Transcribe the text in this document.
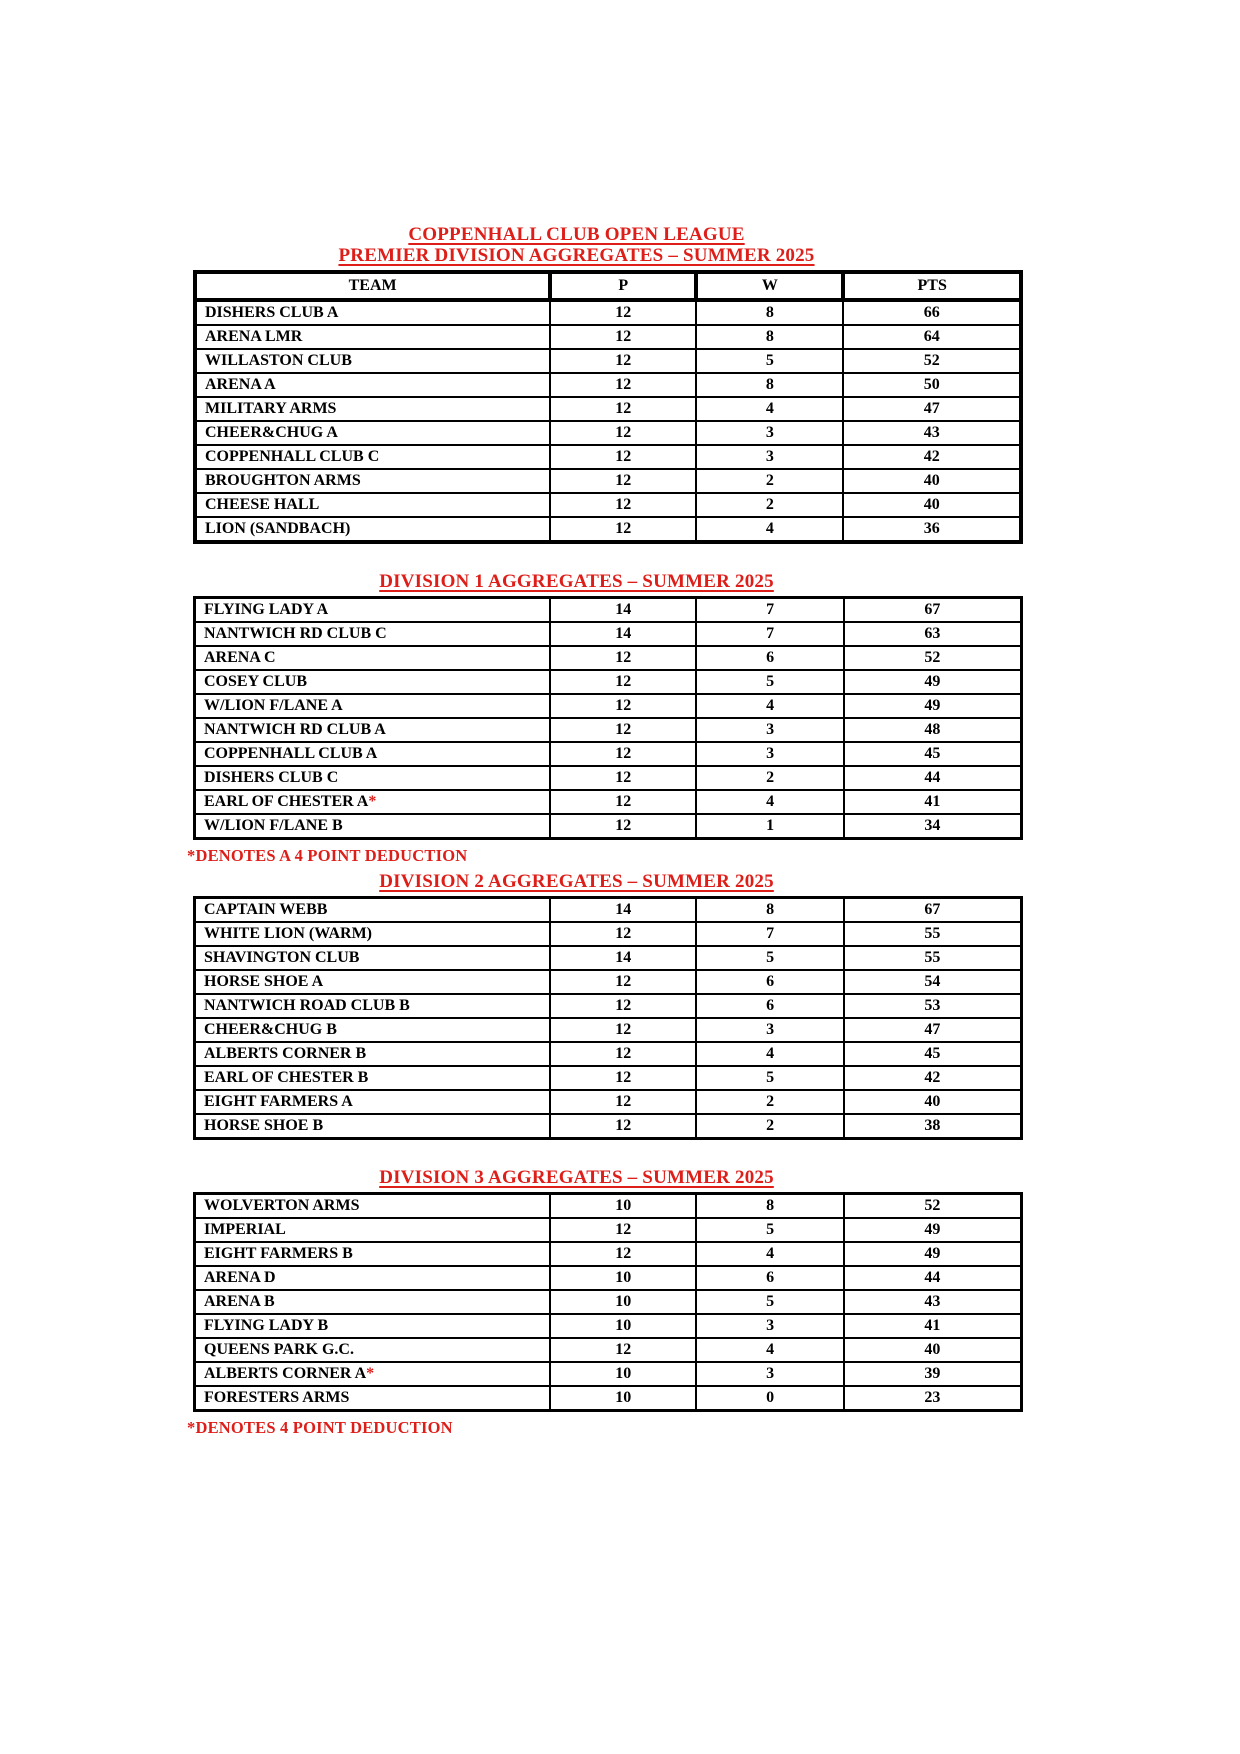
COPPENHALL CLUB OPEN LEAGUE
PREMIER DIVISION AGGREGATES – SUMMER 2025
TEAM	P	W	PTS
DISHERS CLUB A	12	8	66
ARENA LMR	12	8	64
WILLASTON CLUB	12	5	52
ARENA A	12	8	50
MILITARY ARMS	12	4	47
CHEER&CHUG A	12	3	43
COPPENHALL CLUB C	12	3	42
BROUGHTON ARMS	12	2	40
CHEESE HALL	12	2	40
LION (SANDBACH)	12	4	36
DIVISION 1 AGGREGATES – SUMMER 2025
FLYING LADY A	14	7	67
NANTWICH RD CLUB C	14	7	63
ARENA C	12	6	52
COSEY CLUB	12	5	49
W/LION F/LANE A	12	4	49
NANTWICH RD CLUB A	12	3	48
COPPENHALL CLUB A	12	3	45
DISHERS CLUB C	12	2	44
EARL OF CHESTER A*	12	4	41
W/LION F/LANE B	12	1	34
*DENOTES A 4 POINT DEDUCTION
DIVISION 2 AGGREGATES – SUMMER 2025
CAPTAIN WEBB	14	8	67
WHITE LION (WARM)	12	7	55
SHAVINGTON CLUB	14	5	55
HORSE SHOE A	12	6	54
NANTWICH ROAD CLUB B	12	6	53
CHEER&CHUG B	12	3	47
ALBERTS CORNER B	12	4	45
EARL OF CHESTER B	12	5	42
EIGHT FARMERS A	12	2	40
HORSE SHOE B	12	2	38
DIVISION 3 AGGREGATES – SUMMER 2025
WOLVERTON ARMS	10	8	52
IMPERIAL	12	5	49
EIGHT FARMERS B	12	4	49
ARENA D	10	6	44
ARENA B	10	5	43
FLYING LADY B	10	3	41
QUEENS PARK G.C.	12	4	40
ALBERTS CORNER A*	10	3	39
FORESTERS ARMS	10	0	23
*DENOTES 4 POINT DEDUCTION
